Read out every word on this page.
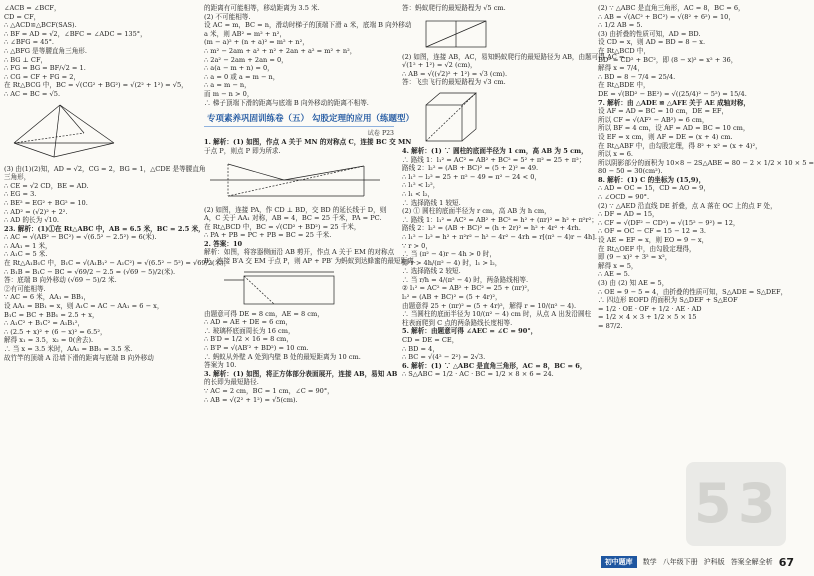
∠ACB = ∠BCF，
CD = CF，
∴ △ACD≌△BCF(SAS).
∴ BF = AD = √2，∠BFC = ∠ADC = 135°，
∴ ∠BFG = 45°.
∴ △BFG 是等腰直角三角形.
∴ BG ⊥ CF，
∴ FG = BG = BF/√2 = 1.
∴ CG = CF + FG = 2，
在 Rt△BCG 中，BC = √(CG² + BG²) = √(2² + 1²) = √5，
∴ AC = BC = √5.
(3) 由(1)(2)知，AD = √2，CG = 2，BG = 1，△CDE 是等腰直角
三角形，
∴ CE = √2 CD，BE = AD.
∴ EG = 3.
∴ BE² = EG² + BG² = 10.
∴ AD² = (√2)² + 2².
∴ AD 的长为 √10.
23. 解析：(1)①在 Rt△ABC 中，AB = 6.5 米，BC = 2.5 米，
∴ AC = √(AB² − BC²) = √(6.5² − 2.5²) = 6(米).
∴ AA₁ = 1 米，
∴ A₁C = 5 米.
在 Rt△A₁B₁C 中，B₁C = √(A₁B₁² − A₁C²) = √(6.5² − 5²) = √69/2(米)，
∴ B₁B = B₁C − BC = √69/2 − 2.5 = (√69 − 5)/2(米).
答：底端 B 向外移动 (√69 − 5)/2 米.
②有可能相等.
∵ AC = 6 米，AA₁ = BB₁，
设 AA₁ = BB₁ = x，则 A₁C = AC − AA₁ = 6 − x，
B₁C = BC + BB₁ = 2.5 + x，
∴ A₁C² + B₁C² = A₁B₁²，
∴ (2.5 + x)² + (6 − x)² = 6.5²，
解得 x₁ = 3.5，x₂ = 0(舍去).
∴ 当 x = 3.5 米时，AA₁ = BB₁ = 3.5 米.
故竹竿的顶端 A 沿墙下滑的距离与底端 B 向外移动
的距离有可能相等，移动距离为 3.5 米.
(2) 不可能相等.
设 AC = m，BC = n，滑动时梯子的顶端下滑 a 米，底端 B 向外移动
a 米，则 AB² = m² + n²，
(m − a)² + (n + a)² = m² + n²，
∴ m² − 2am + a² + n² + 2an + a² = m² + n²，
∴ 2a² − 2am + 2an = 0，
∴ a(a − m + n) = 0，
∴ a = 0 或 a = m − n，
∴ a = m − n，
而 m − n > 0，
∴ 梯子顶端下滑的距离与底端 B 向外移动的距离不相等.
专项素养巩固训练卷（五） 勾股定理的应用（练题型）
试卷 P23
1. 解析：(1) 如图，作点 A 关于 MN 的对称点 C，连接 BC 交 MN
于点 P，则点 P 即为所求.
(2) 如图，连接 PA，作 CD ⊥ BD，交 BD 的延长线于 D，则
A，C 关于 AA₁ 对称，AB = 4，BC = 25 千米，PA = PC.
在 Rt△BCD 中，BC = √(CD² + BD²) = 25 千米，
∴ PA + PB = PC + PB = BC = 25 千米.
2. 答案：10
解析：如图，将容器侧面沿 AB 剪开，作点 A 关于 EM 的对称点
B′，连接 B′A 交 EM 于点 P，则 AP + PB′ 为蚂蚁到达蜂蜜的最短距离.
由题意可得 DE = 8 cm，AE = 8 cm，
∴ AD = AE + DE = 6 cm，
∴ 玻璃杯底面周长为 16 cm，
∴ B′D = 1/2 × 16 = 8 cm，
∴ B′P = √(AB′² + BD²) = 10 cm.
∴ 蚂蚁从外壁 A 处到内壁 B 处的最短距离为 10 cm.
答案为 10.
3. 解析：(1) 如图，将正方体部分表面展开，连接 AB，易知 AB
的长即为最短路径.
∵ AC = 2 cm，BC = 1 cm，∠C = 90°，
∴ AB = √(2² + 1²) = √5(cm).
答：蚂蚁爬行的最短路程为 √5 cm.
(2) 如图，连接 AB，AC，易知蚂蚁爬行的最短路径为 AB，由题可得 AC =
√(1² + 1²) = √2 (cm)，
∴ AB = √((√2)² + 1²) = √3 (cm).
答：飞虫飞行的最短路程为 √3 cm.
4. 解析：(1) ∵ 圆柱的底面半径为 1 cm，高 AB 为 5 cm，
∴ 路线 1：l₁² = AC² = AB² + BC² = 5² + π² = 25 + π²；
路线 2：l₂² = (AB + BC)² = (5 + 2)² = 49.
∴ l₁² − l₂² = 25 + π² − 49 = π² − 24 < 0，
∴ l₁² < l₂²，
∴ l₁ < l₂，
∴ 选择路线 1 较短.
(2) ① 圆柱的底面半径为 r cm，高 AB 为 h cm，
∴ 路线 1：l₁² = AC² = AB² + BC² = h² + (πr)² = h² + π²r²；
路线 2：l₂² = (AB + BC)² = (h + 2r)² = h² + 4r² + 4rh.
∴ l₁² − l₂² = h² + π²r² − h² − 4r² − 4rh = r[(π² − 4)r − 4h].
∵ r > 0，
∴ 当 (π² − 4)r − 4h > 0 时，
即 r > 4h/(π² − 4) 时，l₁ > l₂，
∴ 选择路线 2 较短.
∴ 当 r/h = 4/(π² − 4) 时，两条路线相等.
② l₁² = AC² = AB² + BC² = 25 + (πr)²，
l₂² = (AB + BC)² = (5 + 4r)²，
由题意得 25 + (πr)² = (5 + 4r)²，解得 r = 10/(π² − 4).
∴ 当圆柱的底面半径为 10/(π² − 4) cm 时，从点 A 出发沿圆柱
柱表面爬到 C 点的两条路线长度相等.
5. 解析：由题意可得 ∠AEC = ∠C = 90°，
CD = DE = CE，
∴ BD = 4，
∴ BC = √(4² − 2²) = 2√3.
6. 解析：(1) ∵ △ABC 是直角三角形，AC = 8，BC = 6，
∴ S△ABC = 1/2 · AC · BC = 1/2 × 8 × 6 = 24.
(2) ∵ △ABC 是直角三角形，AC = 8，BC = 6，
∴ AB = √(AC² + BC²) = √(8² + 6²) = 10，
∴ 1/2 AB = 5.
(3) 由折叠的性质可知，AD = BD.
设 CD = x，则 AD = BD = 8 − x.
在 Rt△BCD 中，
BD² = CD² + BC²，即 (8 − x)² = x² + 36，
解得 x = 7/4，
∴ BD = 8 − 7/4 = 25/4.
在 Rt△BDE 中，
DE = √(BD² − BE²) = √((25/4)² − 5²) = 15/4.
7. 解析：由 △ADE ≌ △AFE 关于 AE 成轴对称，
设 AF = AD = BC = 10 cm，DE = EF，
所以 CF = √(AF² − AB²) = 6 cm，
所以 BF = 4 cm，设 AF = AD = BC = 10 cm，
设 EF = x cm，则 AF = DE = (x + 4) cm.
在 Rt△ABF 中，由勾股定理，得 8² + x² = (x + 4)²，
所以 x = 6.
所以阴影部分的面积为 10×8 − 2S△ABE = 80 − 2 × 1/2 × 10 × 5 =
80 − 50 = 30(cm²).
8. 解析：(1) C 的坐标为 (15,9)，
∴ AD = OC = 15，CD = AO = 9，
∴ ∠OCD = 90°.
(2) ∵ △AED 沿直线 DE 折叠，点 A 落在 OC 上的点 F 处，
∴ DF = AD = 15，
∴ CF = √(DF² − CD²) = √(15² − 9²) = 12，
∴ OF = OC − CF = 15 − 12 = 3.
设 AE = EF = x，则 EO = 9 − x，
在 Rt△OEF 中，由勾股定理得，
即 (9 − x)² + 3² = x²，
解得 x = 5，
∴ AE = 5.
(3) 由 (2) 知 AE = 5，
∴ OE = 9 − 5 = 4，由折叠的性质可知，S△ADE = S△DEF，
∴ 四边形 EOFD 的面积为 S△DEF + S△EOF
= 1/2 · OE · OF + 1/2 · AE · AD
= 1/2 × 4 × 3 + 1/2 × 5 × 15
= 87/2.
5 3
初中题库	数学 八年级下册 沪科版 答案全解全析 67
